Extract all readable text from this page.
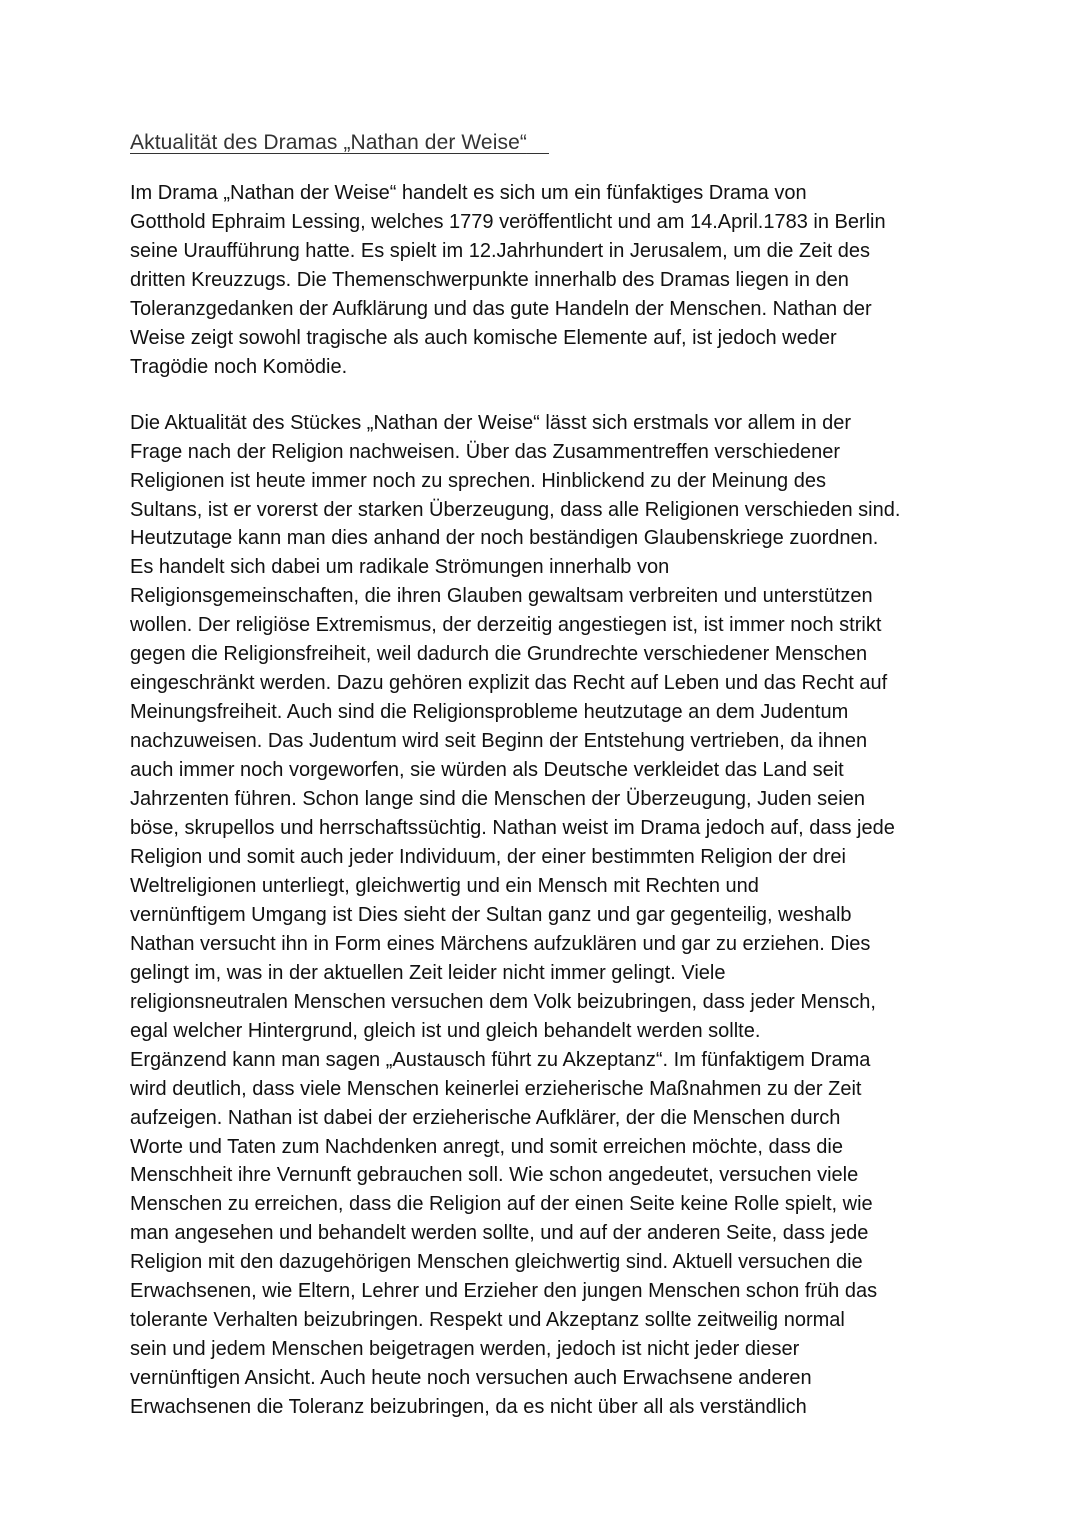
Aktualität des Dramas „Nathan der Weise“
Im Drama „Nathan der Weise“ handelt es sich um ein fünfaktiges Drama von
Gotthold Ephraim Lessing, welches 1779 veröffentlicht und am 14.April.1783 in Berlin
seine Uraufführung hatte. Es spielt im 12.Jahrhundert in Jerusalem, um die Zeit des
dritten Kreuzzugs. Die Themenschwerpunkte innerhalb des Dramas liegen in den
Toleranzgedanken der Aufklärung und das gute Handeln der Menschen. Nathan der
Weise zeigt sowohl tragische als auch komische Elemente auf, ist jedoch weder
Tragödie noch Komödie.
Die Aktualität des Stückes „Nathan der Weise“ lässt sich erstmals vor allem in der
Frage nach der Religion nachweisen. Über das Zusammentreffen verschiedener
Religionen ist heute immer noch zu sprechen. Hinblickend zu der Meinung des
Sultans, ist er vorerst der starken Überzeugung, dass alle Religionen verschieden sind.
Heutzutage kann man dies anhand der noch beständigen Glaubenskriege zuordnen.
Es handelt sich dabei um radikale Strömungen innerhalb von
Religionsgemeinschaften, die ihren Glauben gewaltsam verbreiten und unterstützen
wollen. Der religiöse Extremismus, der derzeitig angestiegen ist, ist immer noch strikt
gegen die Religionsfreiheit, weil dadurch die Grundrechte verschiedener Menschen
eingeschränkt werden. Dazu gehören explizit das Recht auf Leben und das Recht auf
Meinungsfreiheit. Auch sind die Religionsprobleme heutzutage an dem Judentum
nachzuweisen. Das Judentum wird seit Beginn der Entstehung vertrieben, da ihnen
auch immer noch vorgeworfen, sie würden als Deutsche verkleidet das Land seit
Jahrzenten führen. Schon lange sind die Menschen der Überzeugung, Juden seien
böse, skrupellos und herrschaftssüchtig. Nathan weist im Drama jedoch auf, dass jede
Religion und somit auch jeder Individuum, der einer bestimmten Religion der drei
Weltreligionen unterliegt, gleichwertig und ein Mensch mit Rechten und
vernünftigem Umgang ist Dies sieht der Sultan ganz und gar gegenteilig, weshalb
Nathan versucht ihn in Form eines Märchens aufzuklären und gar zu erziehen. Dies
gelingt im, was in der aktuellen Zeit leider nicht immer gelingt. Viele
religionsneutralen Menschen versuchen dem Volk beizubringen, dass jeder Mensch,
egal welcher Hintergrund, gleich ist und gleich behandelt werden sollte.
Ergänzend kann man sagen „Austausch führt zu Akzeptanz“. Im fünfaktigem Drama
wird deutlich, dass viele Menschen keinerlei erzieherische Maßnahmen zu der Zeit
aufzeigen. Nathan ist dabei der erzieherische Aufklärer, der die Menschen durch
Worte und Taten zum Nachdenken anregt, und somit erreichen möchte, dass die
Menschheit ihre Vernunft gebrauchen soll. Wie schon angedeutet, versuchen viele
Menschen zu erreichen, dass die Religion auf der einen Seite keine Rolle spielt, wie
man angesehen und behandelt werden sollte, und auf der anderen Seite, dass jede
Religion mit den dazugehörigen Menschen gleichwertig sind. Aktuell versuchen die
Erwachsenen, wie Eltern, Lehrer und Erzieher den jungen Menschen schon früh das
tolerante Verhalten beizubringen. Respekt und Akzeptanz sollte zeitweilig normal
sein und jedem Menschen beigetragen werden, jedoch ist nicht jeder dieser
vernünftigen Ansicht. Auch heute noch versuchen auch Erwachsene anderen
Erwachsenen die Toleranz beizubringen, da es nicht über all als verständlich
